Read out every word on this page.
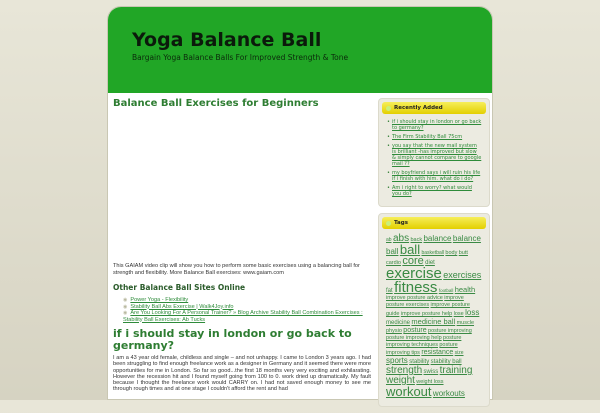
Yoga Balance Ball

Bargain Yoga Balance Balls For Improved Strength & Tone

Balance Ball Exercises for Beginners

This GAIAM video clip will show you how to perform some basic exercises using a balancing ball for strength and flexibility. More Balance Ball exercises: www.gaiam.com

Other Balance Ball Sites Online
◉ Power Yoga - Flexibility
◉ Stability Ball Abs Exercise | Walk4Joy.info
◉ Are You Looking For A Personal Trainer? » Blog Archive Stability Ball Combination Exercises : Stability Ball Exercises: Ab Tucks
if i should stay in london or go back to germany?

I am a 43 year old female, childless and single – and not unhappy. I came to London 3 years ago. I had been struggling to find enough freelance work as a designer in Germany and it seemed there were more opportunities for me in London. So far so good...the first 18 months very very exciting and exhilarating. However the recession hit and I found myself going from 100 to 0. work dried up dramatically. My fault because I thought the freelance work would CARRY on. I had not saved enough money to see me through rough times and at one stage I couldn't afford the rent and had

Recently Added
• if i should stay in london or go back to germany?
• The Firm Stability Ball 75cm
• you say that the new mail system is brilliant -has improved but slow & simply cannot compare to google mail ??
• my boyfriend says i will ruin his life if i finish with him. what do i do?
• Am i right to worry? what would you do?
Tags
ab abs back balance balance ball ball basketball body butt cardio core diet exercise exercises fat fitness football health improve posture advice improve posture exercises improve posture guide improve posture help lose loss medicine medicine ball muscle physio posture posture improving posture improving help posture improving techniques posture improving tips resistance size sports stability stability ball strength swiss training weight weight loss workout workouts
